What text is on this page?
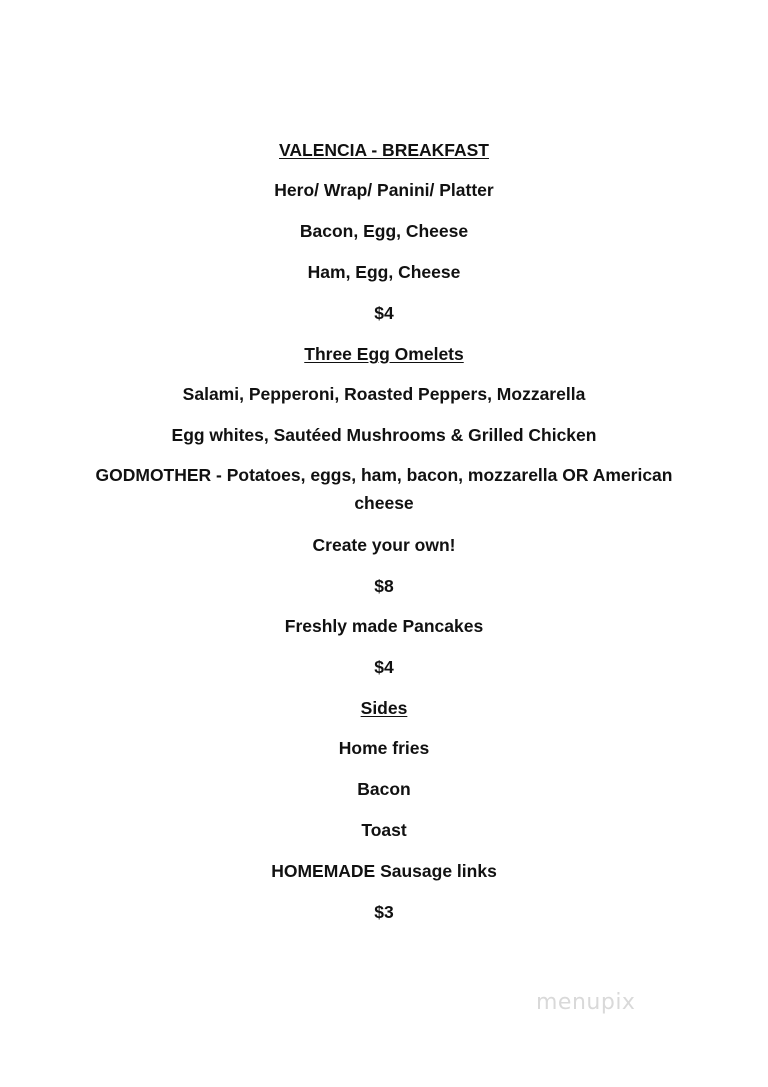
VALENCIA - BREAKFAST
Hero/ Wrap/ Panini/ Platter
Bacon, Egg, Cheese
Ham, Egg, Cheese
$4
Three Egg Omelets
Salami, Pepperoni, Roasted Peppers, Mozzarella
Egg whites, Sautéed Mushrooms & Grilled Chicken
GODMOTHER - Potatoes, eggs, ham, bacon, mozzarella OR American cheese
Create your own!
$8
Freshly made Pancakes
$4
Sides
Home fries
Bacon
Toast
HOMEMADE Sausage links
$3
menupix
